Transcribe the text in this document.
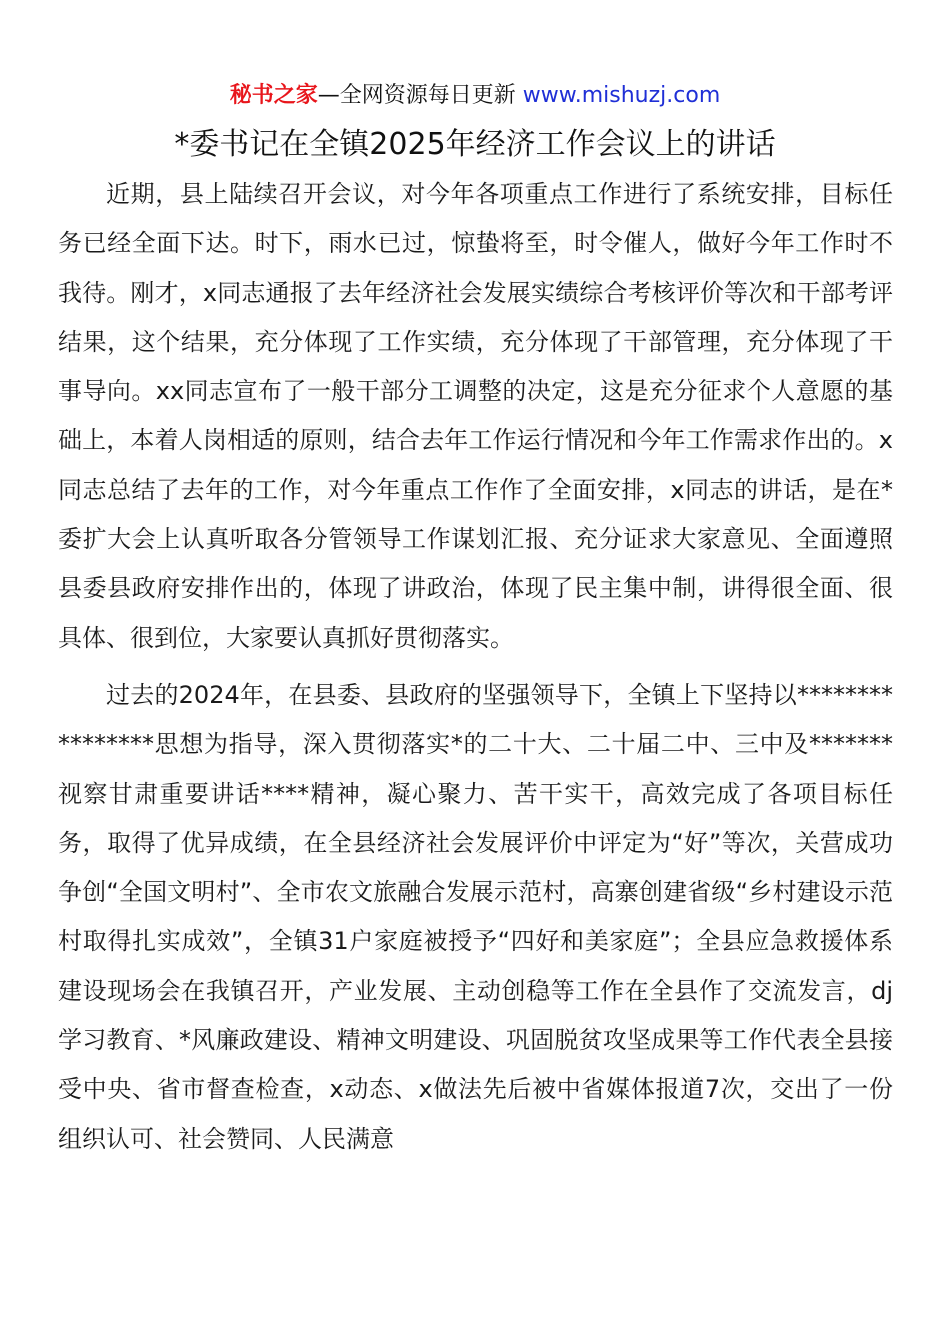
秘书之家—全网资源每日更新 www.mishuzj.com
*委书记在全镇2025年经济工作会议上的讲话

近期，县上陆续召开会议，对今年各项重点工作进行了系统安排，目标任务已经全面下达。时下，雨水已过，惊蛰将至，时令催人，做好今年工作时不我待。刚才，x同志通报了去年经济社会发展实绩综合考核评价等次和干部考评结果，这个结果，充分体现了工作实绩，充分体现了干部管理，充分体现了干事导向。xx同志宣布了一般干部分工调整的决定，这是充分征求个人意愿的基础上，本着人岗相适的原则，结合去年工作运行情况和今年工作需求作出的。x同志总结了去年的工作，对今年重点工作作了全面安排，x同志的讲话，是在*委扩大会上认真听取各分管领导工作谋划汇报、充分证求大家意见、全面遵照县委县政府安排作出的，体现了讲政治，体现了民主集中制，讲得很全面、很具体、很到位，大家要认真抓好贯彻落实。

过去的2024年，在县委、县政府的坚强领导下，全镇上下坚持以****************思想为指导，深入贯彻落实*的二十大、二十届二中、三中及*******视察甘肃重要讲话****精神，凝心聚力、苦干实干，高效完成了各项目标任务，取得了优异成绩，在全县经济社会发展评价中评定为“好”等次，关营成功争创“全国文明村”、全市农文旅融合发展示范村，高寨创建省级“乡村建设示范村取得扎实成效”，全镇31户家庭被授予“四好和美家庭”；全县应急救援体系建设现场会在我镇召开，产业发展、主动创稳等工作在全县作了交流发言，dj学习教育、*风廉政建设、精神文明建设、巩固脱贫攻坚成果等工作代表全县接受中央、省市督查检查，x动态、x做法先后被中省媒体报道7次，交出了一份组织认可、社会赞同、人民满意
